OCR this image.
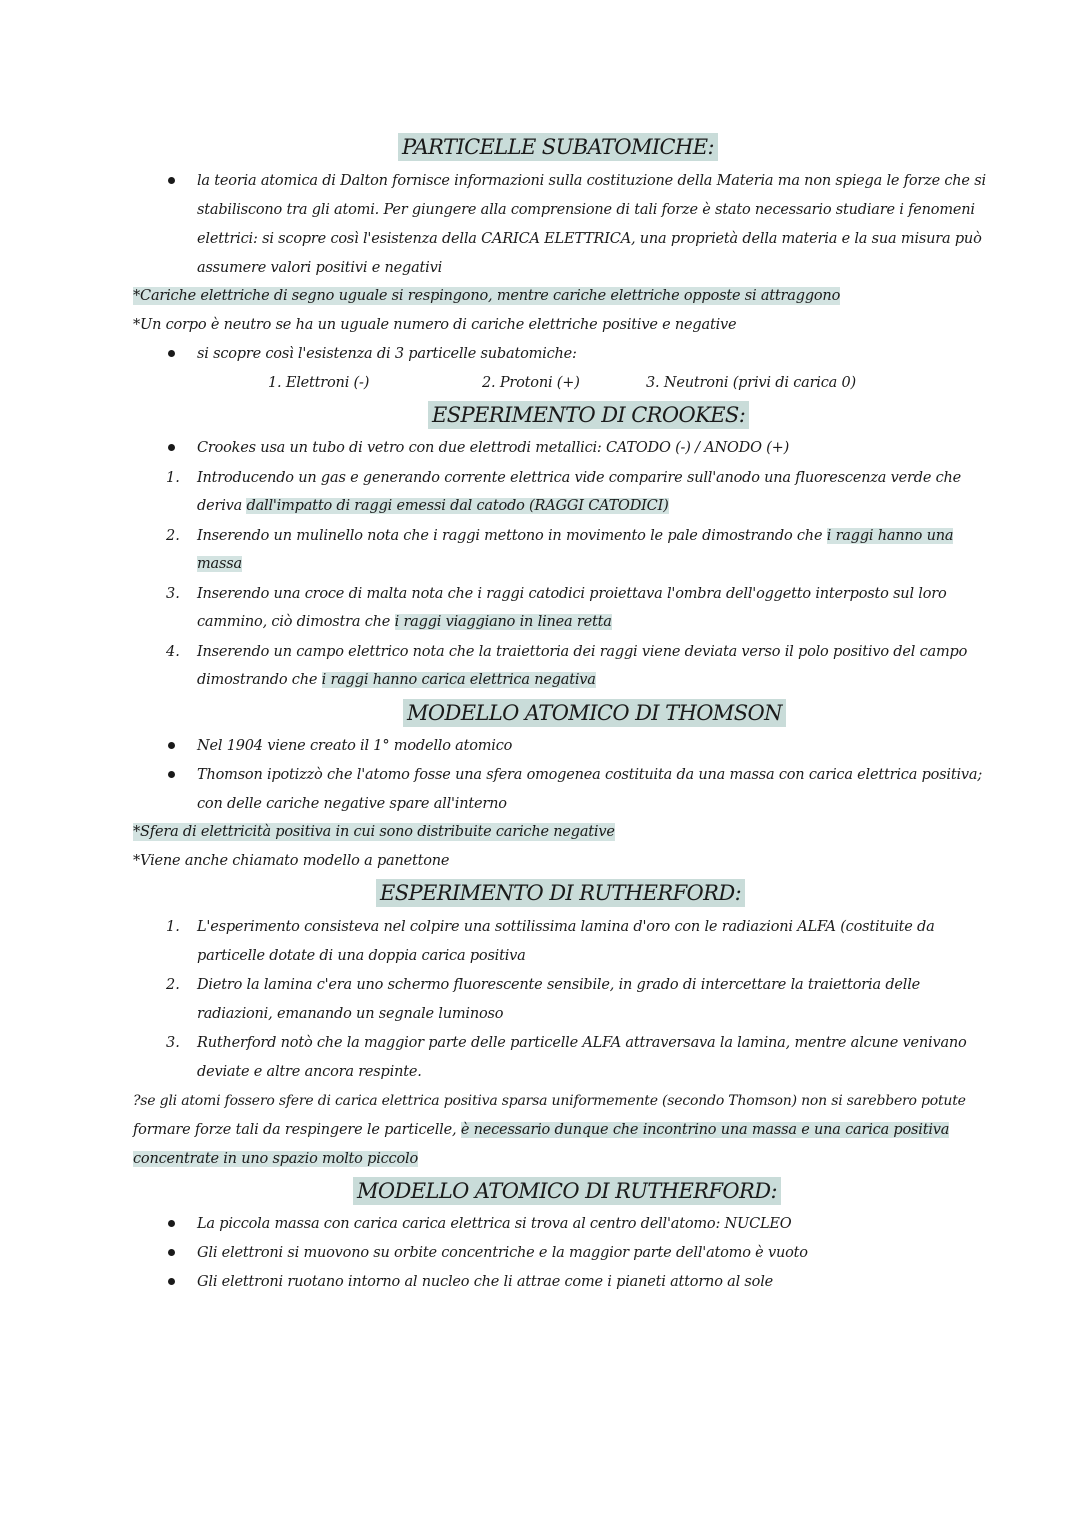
PARTICELLE SUBATOMICHE:
la teoria atomica di Dalton fornisce informazioni sulla costituzione della Materia ma non spiega le forze che si
stabiliscono tra gli atomi. Per giungere alla comprensione di tali forze è stato necessario studiare i fenomeni
elettrici: si scopre così l'esistenza della CARICA ELETTRICA, una proprietà della materia e la sua misura può
assumere valori positivi e negativi
*Cariche elettriche di segno uguale si respingono, mentre cariche elettriche opposte si attraggono
*Un corpo è neutro se ha un uguale numero di cariche elettriche positive e negative
si scopre così l'esistenza di 3 particelle subatomiche:
1. Elettroni (-)	2. Protoni (+)	3. Neutroni (privi di carica 0)
ESPERIMENTO DI CROOKES:
Crookes usa un tubo di vetro con due elettrodi metallici: CATODO (-) / ANODO (+)
1. Introducendo un gas e generando corrente elettrica vide comparire sull'anodo una fluorescenza verde che
deriva dall'impatto di raggi emessi dal catodo (RAGGI CATODICI)
2. Inserendo un mulinello nota che i raggi mettono in movimento le pale dimostrando che i raggi hanno una
massa
3. Inserendo una croce di malta nota che i raggi catodici proiettava l'ombra dell'oggetto interposto sul loro
cammino, ciò dimostra che i raggi viaggiano in linea retta
4. Inserendo un campo elettrico nota che la traiettoria dei raggi viene deviata verso il polo positivo del campo
dimostrando che i raggi hanno carica elettrica negativa
MODELLO ATOMICO DI THOMSON
Nel 1904 viene creato il 1° modello atomico
Thomson ipotizzò che l'atomo fosse una sfera omogenea costituita da una massa con carica elettrica positiva;
con delle cariche negative spare all'interno
*Sfera di elettricità positiva in cui sono distribuite cariche negative
*Viene anche chiamato modello a panettone
ESPERIMENTO DI RUTHERFORD:
1. L'esperimento consisteva nel colpire una sottilissima lamina d'oro con le radiazioni ALFA (costituite da
particelle dotate di una doppia carica positiva
2. Dietro la lamina c'era uno schermo fluorescente sensibile, in grado di intercettare la traiettoria delle
radiazioni, emanando un segnale luminoso
3. Rutherford notò che la maggior parte delle particelle ALFA attraversava la lamina, mentre alcune venivano
deviate e altre ancora respinte.
?se gli atomi fossero sfere di carica elettrica positiva sparsa uniformemente (secondo Thomson) non si sarebbero potute
formare forze tali da respingere le particelle, è necessario dunque che incontrino una massa e una carica positiva
concentrate in uno spazio molto piccolo
MODELLO ATOMICO DI RUTHERFORD:
La piccola massa con carica carica elettrica si trova al centro dell'atomo: NUCLEO
Gli elettroni si muovono su orbite concentriche e la maggior parte dell'atomo è vuoto
Gli elettroni ruotano intorno al nucleo che li attrae come i pianeti attorno al sole
